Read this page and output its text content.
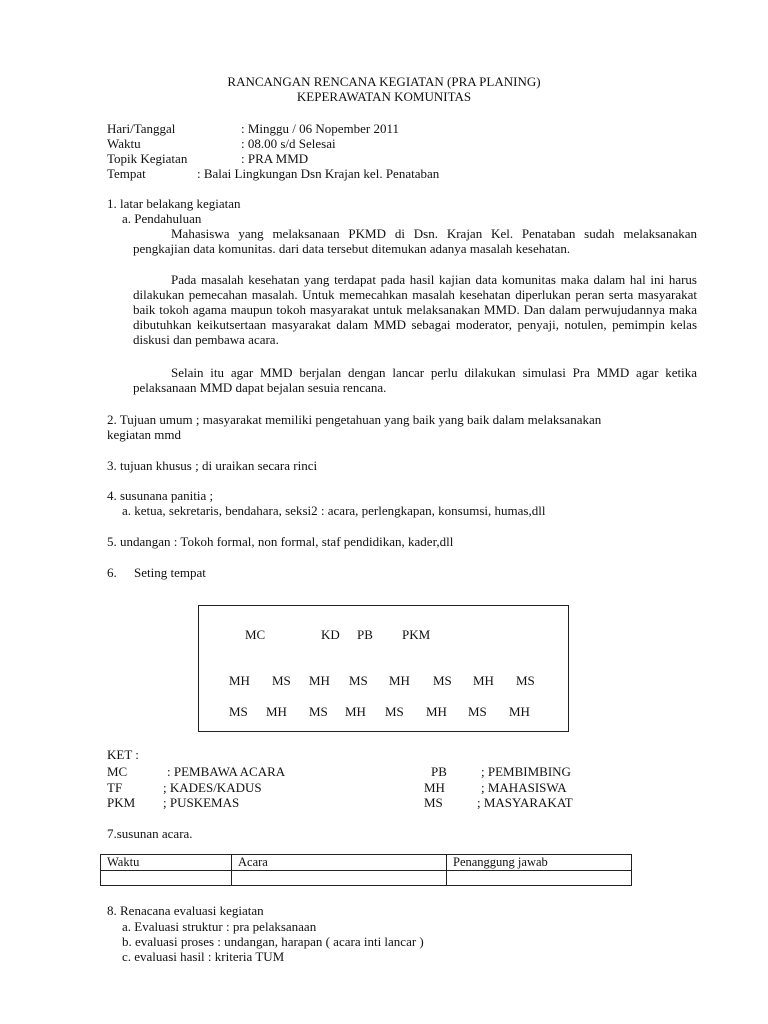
RANCANGAN RENCANA KEGIATAN (PRA PLANING)
KEPERAWATAN KOMUNITAS
Hari/Tanggal	: Minggu / 06 Nopember 2011
Waktu	: 08.00 s/d Selesai
Topik Kegiatan	: PRA MMD
Tempat	: Balai Lingkungan Dsn Krajan kel. Penataban
1. latar belakang kegiatan
a. Pendahuluan
Mahasiswa yang melaksanaan PKMD di Dsn. Krajan Kel. Penataban sudah melaksanakan pengkajian data komunitas. dari data tersebut ditemukan adanya masalah kesehatan.
Pada masalah kesehatan yang terdapat pada hasil kajian data komunitas maka dalam hal ini harus dilakukan pemecahan masalah. Untuk memecahkan masalah kesehatan diperlukan peran serta masyarakat baik tokoh agama maupun tokoh masyarakat untuk melaksanakan MMD. Dan dalam perwujudannya maka dibutuhkan keikutsertaan masyarakat dalam MMD sebagai moderator, penyaji, notulen, pemimpin kelas diskusi dan pembawa acara.
Selain itu agar MMD berjalan dengan lancar perlu dilakukan simulasi Pra MMD agar ketika pelaksanaan MMD dapat bejalan sesuia rencana.
2. Tujuan umum ; masyarakat memiliki pengetahuan yang baik yang baik dalam melaksanakan
kegiatan mmd
3. tujuan khusus ; di uraikan secara rinci
4. susunana panitia ;
a. ketua, sekretaris, bendahara, seksi2 : acara, perlengkapan, konsumsi, humas,dll
5. undangan : Tokoh formal, non formal, staf pendidikan, kader,dll
6. Seting tempat
MC	KD PB PKM
MH MS MH MS MH MS MH MS
MS MH MS MH MS MH MS MH
KET :
MC	: PEMBAWA ACARA	PB	; PEMBIMBING
TF	; KADES/KADUS	MH	; MAHASISWA
PKM ; PUSKEMAS	MS	; MASYARAKAT
7.susunan acara.
Waktu	Acara	Penanggung jawab

8. Renacana evaluasi kegiatan
a. Evaluasi struktur : pra pelaksanaan
b. evaluasi proses : undangan, harapan ( acara inti lancar )
c. evaluasi hasil : kriteria TUM
